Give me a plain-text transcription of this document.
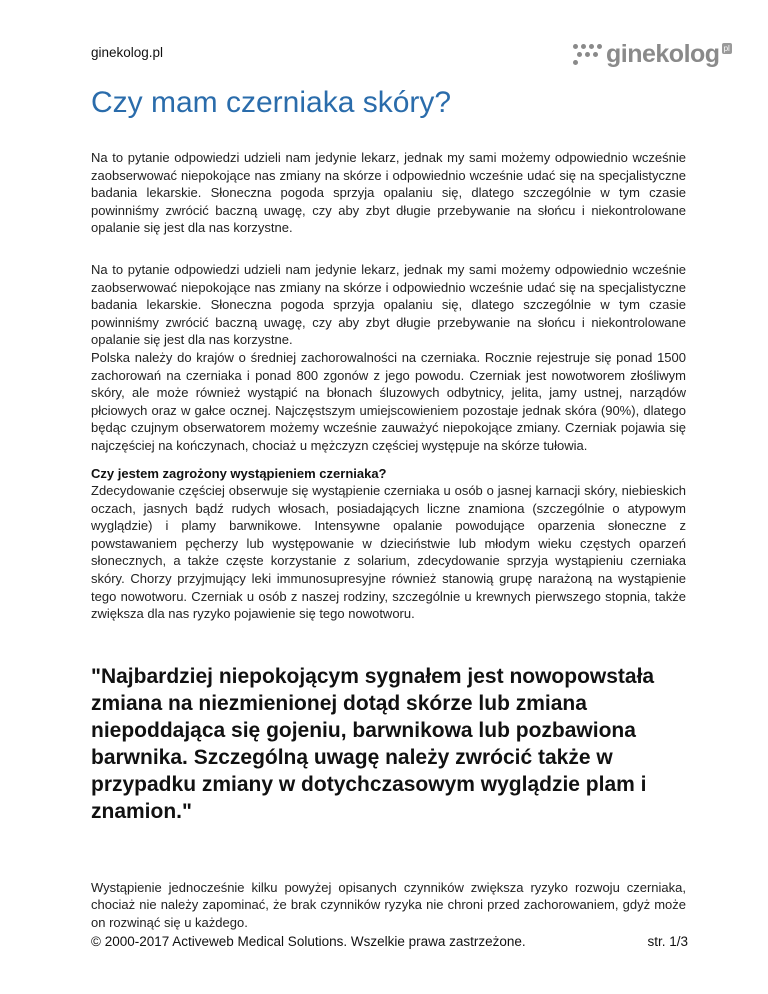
ginekolog.pl	ginekolog pl
Czy mam czerniaka skóry?

Na to pytanie odpowiedzi udzieli nam jedynie lekarz, jednak my sami możemy odpowiednio wcześnie zaobserwować niepokojące nas zmiany na skórze i odpowiednio wcześnie udać się na specjalistyczne badania lekarskie. Słoneczna pogoda sprzyja opalaniu się, dlatego szczególnie w tym czasie powinniśmy zwrócić baczną uwagę, czy aby zbyt długie przebywanie na słońcu i niekontrolowane opalanie się jest dla nas korzystne.

Na to pytanie odpowiedzi udzieli nam jedynie lekarz, jednak my sami możemy odpowiednio wcześnie zaobserwować niepokojące nas zmiany na skórze i odpowiednio wcześnie udać się na specjalistyczne badania lekarskie. Słoneczna pogoda sprzyja opalaniu się, dlatego szczególnie w tym czasie powinniśmy zwrócić baczną uwagę, czy aby zbyt długie przebywanie na słońcu i niekontrolowane opalanie się jest dla nas korzystne.

Polska należy do krajów o średniej zachorowalności na czerniaka. Rocznie rejestruje się ponad 1500 zachorowań na czerniaka i ponad 800 zgonów z jego powodu. Czerniak jest nowotworem złośliwym skóry, ale może również wystąpić na błonach śluzowych odbytnicy, jelita, jamy ustnej, narządów płciowych oraz w gałce ocznej. Najczęstszym umiejscowieniem pozostaje jednak skóra (90%), dlatego będąc czujnym obserwatorem możemy wcześnie zauważyć niepokojące zmiany. Czerniak pojawia się najczęściej na kończynach, chociaż u mężczyzn częściej występuje na skórze tułowia.

Czy jestem zagrożony wystąpieniem czerniaka?

Zdecydowanie częściej obserwuje się wystąpienie czerniaka u osób o jasnej karnacji skóry, niebieskich oczach, jasnych bądź rudych włosach, posiadających liczne znamiona (szczególnie o atypowym wyglądzie) i plamy barwnikowe. Intensywne opalanie powodujące oparzenia słoneczne z powstawaniem pęcherzy lub występowanie w dzieciństwie lub młodym wieku częstych oparzeń słonecznych, a także częste korzystanie z solarium, zdecydowanie sprzyja wystąpieniu czerniaka skóry. Chorzy przyjmujący leki immunosupresyjne również stanowią grupę narażoną na wystąpienie tego nowotworu. Czerniak u osób z naszej rodziny, szczególnie u krewnych pierwszego stopnia, także zwiększa dla nas ryzyko pojawienie się tego nowotworu.

"Najbardziej niepokojącym sygnałem jest nowopowstała zmiana na niezmienionej dotąd skórze lub zmiana niepoddająca się gojeniu, barwnikowa lub pozbawiona barwnika. Szczególną uwagę należy zwrócić także w przypadku zmiany w dotychczasowym wyglądzie plam i znamion."

Wystąpienie jednocześnie kilku powyżej opisanych czynników zwiększa ryzyko rozwoju czerniaka, chociaż nie należy zapominać, że brak czynników ryzyka nie chroni przed zachorowaniem, gdyż może on rozwinąć się u każdego.

© 2000-2017 Activeweb Medical Solutions. Wszelkie prawa zastrzeżone.	str. 1/3
